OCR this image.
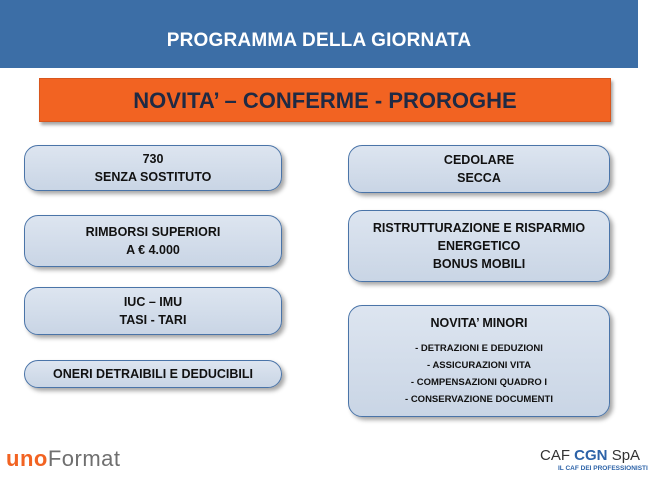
PROGRAMMA DELLA GIORNATA
NOVITA’ – CONFERME - PROROGHE
730
SENZA SOSTITUTO
RIMBORSI SUPERIORI
A € 4.000
IUC – IMU
TASI - TARI
ONERI DETRAIBILI E DEDUCIBILI
CEDOLARE
SECCA
RISTRUTTURAZIONE E RISPARMIO
ENERGETICO
BONUS MOBILI
NOVITA’ MINORI
- DETRAZIONI E DEDUZIONI
- ASSICURAZIONI VITA
- COMPENSAZIONI QUADRO I
- CONSERVAZIONE DOCUMENTI
unoFormat	CAF CGN SpA
IL CAF DEI PROFESSIONISTI
